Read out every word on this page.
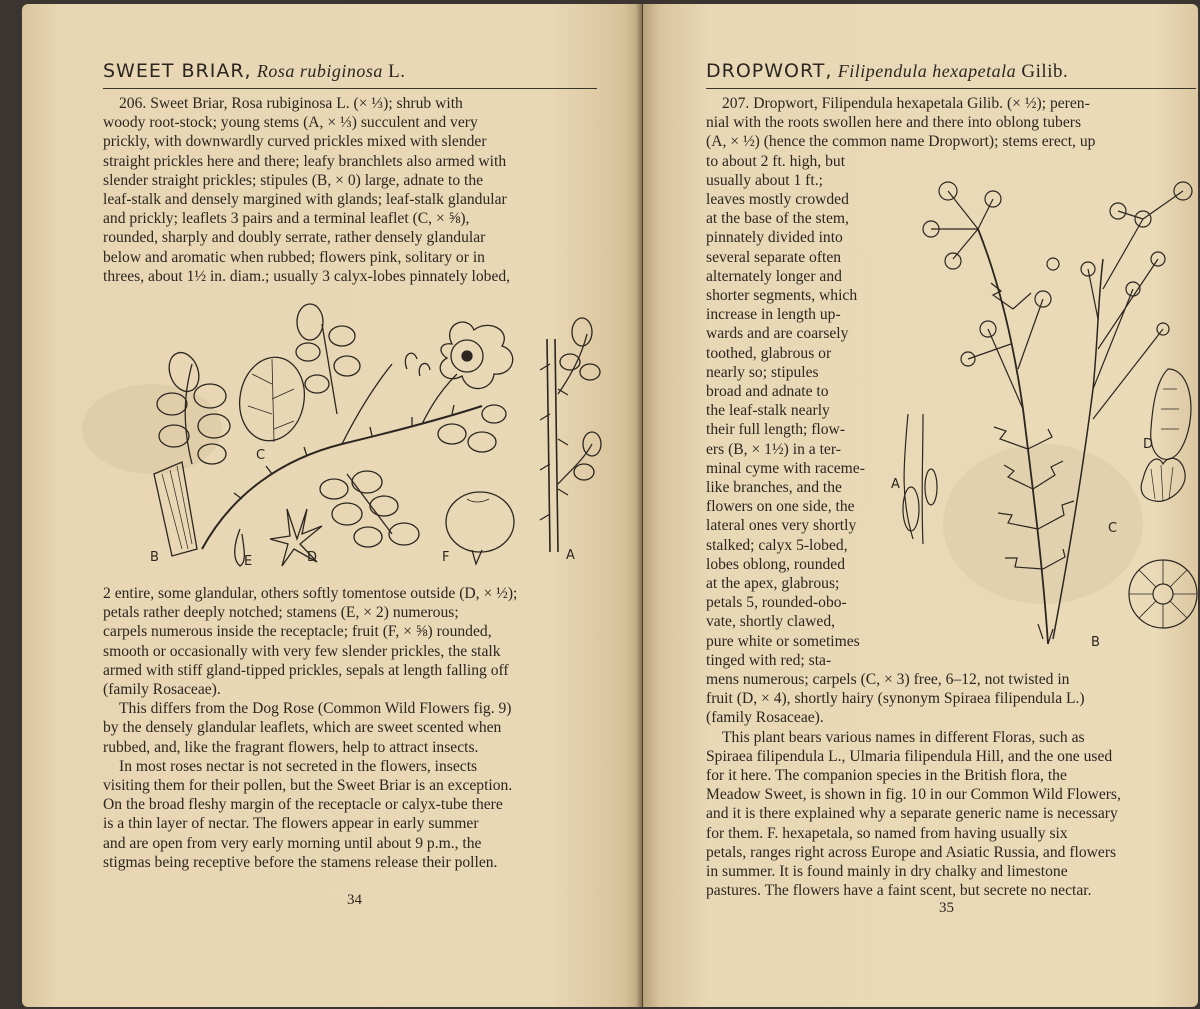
SWEET BRIAR, Rosa rubiginosa L.

206. Sweet Briar, Rosa rubiginosa L. (× ⅓); shrub with

woody root-stock; young stems (A, × ⅓) succulent and very

prickly, with downwardly curved prickles mixed with slender

straight prickles here and there; leafy branchlets also armed with

slender straight prickles; stipules (B, × 0) large, adnate to the

leaf-stalk and densely margined with glands; leaf-stalk glandular

and prickly; leaflets 3 pairs and a terminal leaflet (C, × ⅝),

rounded, sharply and doubly serrate, rather densely glandular

below and aromatic when rubbed; flowers pink, solitary or in

threes, about 1½ in. diam.; usually 3 calyx-lobes pinnately lobed,

B	E
C
D	F	A

2 entire, some glandular, others softly tomentose outside (D, × ½);

petals rather deeply notched; stamens (E, × 2) numerous;

carpels numerous inside the receptacle; fruit (F, × ⅝) rounded,

smooth or occasionally with very few slender prickles, the stalk

armed with stiff gland-tipped prickles, sepals at length falling off

(family Rosaceae).

This differs from the Dog Rose (Common Wild Flowers fig. 9)

by the densely glandular leaflets, which are sweet scented when

rubbed, and, like the fragrant flowers, help to attract insects.

In most roses nectar is not secreted in the flowers, insects

visiting them for their pollen, but the Sweet Briar is an exception.

On the broad fleshy margin of the receptacle or calyx-tube there

is a thin layer of nectar. The flowers appear in early summer

and are open from very early morning until about 9 p.m., the

stigmas being receptive before the stamens release their pollen.

34
DROPWORT, Filipendula hexapetala Gilib.

207. Dropwort, Filipendula hexapetala Gilib. (× ½); peren-

nial with the roots swollen here and there into oblong tubers

(A, × ½) (hence the common name Dropwort); stems erect, up

to about 2 ft. high, but

usually about 1 ft.;

leaves mostly crowded

at the base of the stem,

pinnately divided into

several separate often

alternately longer and

shorter segments, which

increase in length up-

wards and are coarsely

toothed, glabrous or

nearly so; stipules

broad and adnate to

the leaf-stalk nearly

their full length; flow-

ers (B, × 1½) in a ter-

minal cyme with raceme-

like branches, and the

flowers on one side, the

lateral ones very shortly

stalked; calyx 5-lobed,

lobes oblong, rounded

at the apex, glabrous;

petals 5, rounded-obo-

vate, shortly clawed,

pure white or sometimes

tinged with red; sta-

A
D
C
B

mens numerous; carpels (C, × 3) free, 6–12, not twisted in

fruit (D, × 4), shortly hairy (synonym Spiraea filipendula L.)

(family Rosaceae).

This plant bears various names in different Floras, such as

Spiraea filipendula L., Ulmaria filipendula Hill, and the one used

for it here. The companion species in the British flora, the

Meadow Sweet, is shown in fig. 10 in our Common Wild Flowers,

and it is there explained why a separate generic name is necessary

for them. F. hexapetala, so named from having usually six

petals, ranges right across Europe and Asiatic Russia, and flowers

in summer. It is found mainly in dry chalky and limestone

pastures. The flowers have a faint scent, but secrete no nectar.

35
